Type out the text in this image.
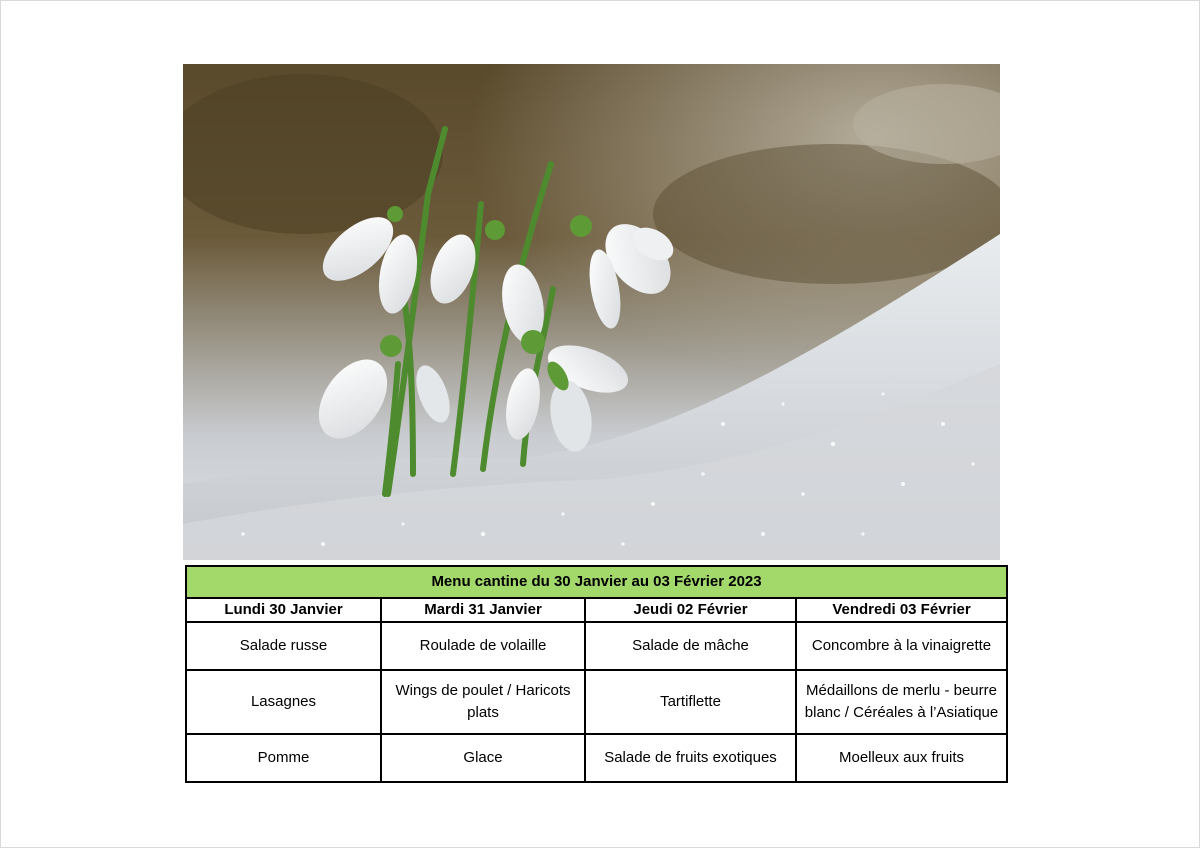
Menu cantine du 30 Janvier au 03 Février 2023			
Lundi 30 Janvier	Mardi 31 Janvier	Jeudi 02 Février	Vendredi 03 Février
Salade russe	Roulade de volaille	Salade de mâche	Concombre à la vinaigrette
Lasagnes	Wings de poulet / Haricots plats	Tartiflette	Médaillons de merlu - beurre blanc / Céréales à l’Asiatique
Pomme	Glace	Salade de fruits exotiques	Moelleux aux fruits
